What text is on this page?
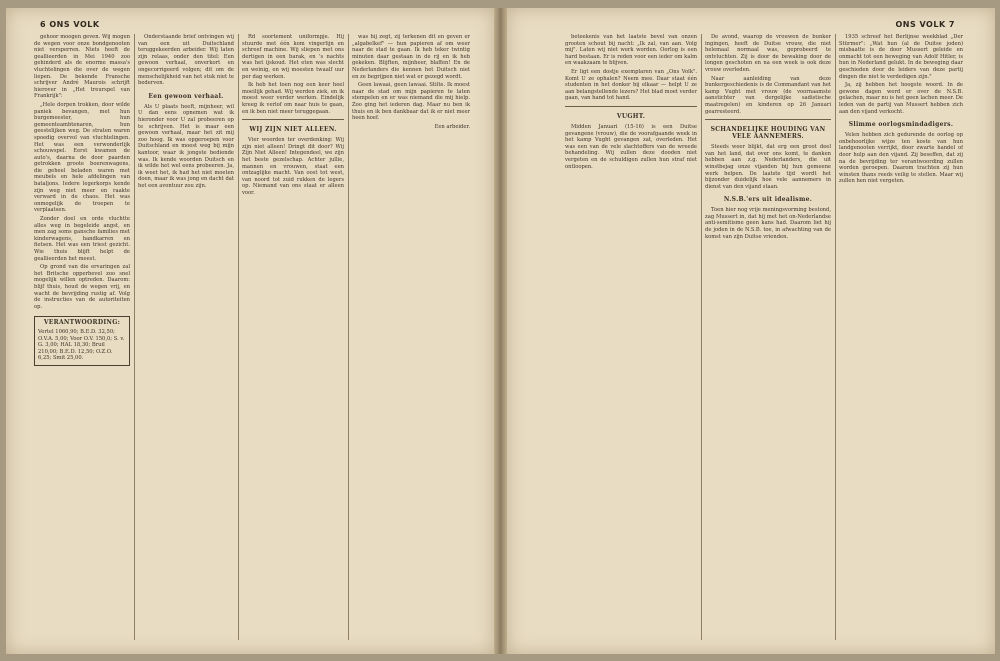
6 ONS VOLK

gehoor moogen geven. Wij mogen de wegen voor onze bondgenooten niet versperren. Niets heeft de geallieerden in Mei 1940 zoo gehinderd als de enorme massa's vluchtelingen die over de wegen liepen. De bekende Fransche schrijver André Maurois schrijft hierover in „Het treurspel van Frankrijk":

„Hele dorpen trokken, door wilde paniek bevangen, met hun burgemeester, hun gemeenteambtenaren, hun geestelijken weg. De straten waren spoedig overvol van vluchtelingen. Het was een verwonderlijk schouwspel. Eerst kwamen de auto's, daarna de door paarden getrokken groote boerenwagens, die geheel beladen waren met meubels en hele afdelingen van bataljons. Iedere legerkorps kende zijn weg niet meer en raakte verward in de chaos. Het was onmogelijk de troepen te verplaatsen.

Zonder doel en orde vluchtte alles weg in begeleide angst, en men zag soms gansche families met kinderwagens, handkarren en fietsen. Het was een triest gezicht. Wie thuis blijft helpt de geallieerden het meest.

Op grond van die ervaringen zal het Britsche opperbevel zoo snel mogelijk willen optreden. Daarom: blijf thuis, houd de wegen vrij, en wacht de bevrijding rustig af. Volg de instructies van de autoriteiten op.

VERANTWOORDING:
Vertel 1060,90; B.E.D. 32,50; O.V.A. 5,00; Voor O.V. 150,0; S. v. G. 3,00; HAL 18,30; Bruil 210,00; B.E.D. 12,50; O.Z.O. 6,25; Smit 25,00.

Onderstaande brief ontvingen wij van een uit Duitschland teruggekeerden arbeider. Wij laten zijn relaas, onder den titel: Een gewoon verhaal, onverkort en ongecorrigeerd volgen; dit om de menschelijkheid van het stuk niet te bederven.

Een gewoon verhaal.

Als U plaats heeft, mijnheer, wil U dan eens opnemen wat ik hieronder voor U zal probeeren op te schrijven. Het is maar een gewoon verhaal, maar het zit mij zoo hoog. Ik was opgeroepen voor Duitschland en moest weg bij mijn kantoor, waar ik jongste bediende was. Ik kende woorden Duitsch en ik wilde het wel eens probeeren. Ja, ik weet het, ik had het niet moeten doen, maar ik was jong en dacht dat het een avontuur zou zijn.

Rd soortement uniformpje. Hij stuurde met één kom vingerlijn en schreef machine. Wij sliepen met ons dertigen in een barak, en 's nachts was het ijskoud. Het eten was slecht en weinig, en wij moesten twaalf uur per dag werken.

Ik heb het toen nog een keer heel moeilijk gehad. Wij werden ziek, en ik moest weer verder werken. Eindelijk kreeg ik verlof om naar huis te gaan, en ik ben niet meer teruggegaan.

WIJ ZIJN NIET ALLEEN.

Vier woorden ter overdenking: Wij zijn niet alleen! Dringt dit door? Wij Zijn Niet Alleen! Integendeel, we zijn het beste gezelschap. Achter jullie, mannen en vrouwen, staat een ontzaglijke macht. Van oost tot west, van noord tot zuid rukken de legers op. Niemand van ons staat er alleen voor.

was hij zegt, zij terkenen dit en geven er „algabelkef" — hun papieren af om weer naar de stad te gaan. Ik heb teker twintig minuten daar gestaan in de rij en ik heb gekeken. Blijften, mijnheer, blaffen! En de Nederlanders die kennen het Duitsch niet en ze begrijpen niet wat er gezegd wordt.

Geen lawaai, geen lawaai. Stilte. Ik moest naar de stad om mijn papieren te laten stempelen en er was niemand die mij hielp. Zoo ging het iederen dag. Maar nu ben ik thuis en ik ben dankbaar dat ik er niet meer heen hoef.

Een arbeider.
ONS VOLK 7

beteekenis van het laatste bevel van onzen grooten schout bij nacht: „Ik zal, van aan. Volg mij". Laten wij niet werk worden. Oorlog is een hard bestaan. Er is reden voor een ieder om kalm en waakzaam te blijven.

Er ligt een dostje exemplaren van „Ons Volk". Komt U ze ophalen? Neem mee. Daar staat één studenten in het donker bij elkaar — helpt U ze aan belangstellende lezers? Het blad moet verder gaan, van hand tot hand.

VUGHT.

Midden Januari (15-16) is een Duitse gevangene (vrouw), die de voorafgaande week in het kamp Vught gevangen zat, overleden. Het was een van de vele slachtoffers van de wreede behandeling. Wij zullen deze dooden niet vergeten en de schuldigen zullen hun straf niet ontloopen.

De avond, waarop de vrouwen de bunker ingingen, heeft de Duitse vrouw, die niet helemaal normaal was, geprobeerd te ontvluchten. Zij is door de bewaking door de longen geschoten en na een week is ook deze vrouw overleden.

Naar aanleiding van deze bunkergeschiedenis is de Commandant van het kamp Vught met vrouw (de voornaamste aanstichter van dergelijke sadistische maatregelen) en kinderen op 26 Januari gearresteerd.

SCHANDELIJKE HOUDING VAN VELE AANNEMERS.

Steeds weer blijkt, dat erg een groot deel van het land, dat over ons komt, te danken hebben aan z.g. Nederlanders, die uit winstbejag onze vijanden bij hun gemeene werk helpen. De laatste tijd wordt het bijzonder duidelijk hoe vele aannemers in dienst van den vijand staan.

N.S.B.'ers uit idealisme.

Toen hier nog vrije meningsvorming bestond, zag Mussert in, dat hij met het on-Nederlandse anti-semitisme geen kans had. Daarom liet hij de joden in de N.S.B. toe, in afwachting van de komst van zijn Duitse vrienden.

1935 schreef het Berlijnse weekblad „Der Stürmer": „Wat hun (al de Duitse joden) misbaatte is de door Mussert geleide en onmacht tot een beweging van Adolf Hitler, is hun in Nederland gelukt. In de beweging daar geschieden door de leiders van deze partij dingen die niet te verdedigen zijn."

Ja, zij hebben het hoogste woord. In de gewone dagen werd er over de N.S.B. gelachen, maar nu is het geen lachen meer. De leden van de partij van Mussert hebben zich aan den vijand verkocht.

Slimme oorlogsmindadigers.

Velen hebben zich gedurende de oorlog op onbehoorlijke wijze ten koste van hun landgenooten verrijkt, door zwarte handel of door hulp aan den vijand. Zij beseffen, dat zij na de bevrijding ter verantwoording zullen worden geroepen. Daarom trachten zij hun winsten thans reeds veilig te stellen. Maar wij zullen hen niet vergeten.
